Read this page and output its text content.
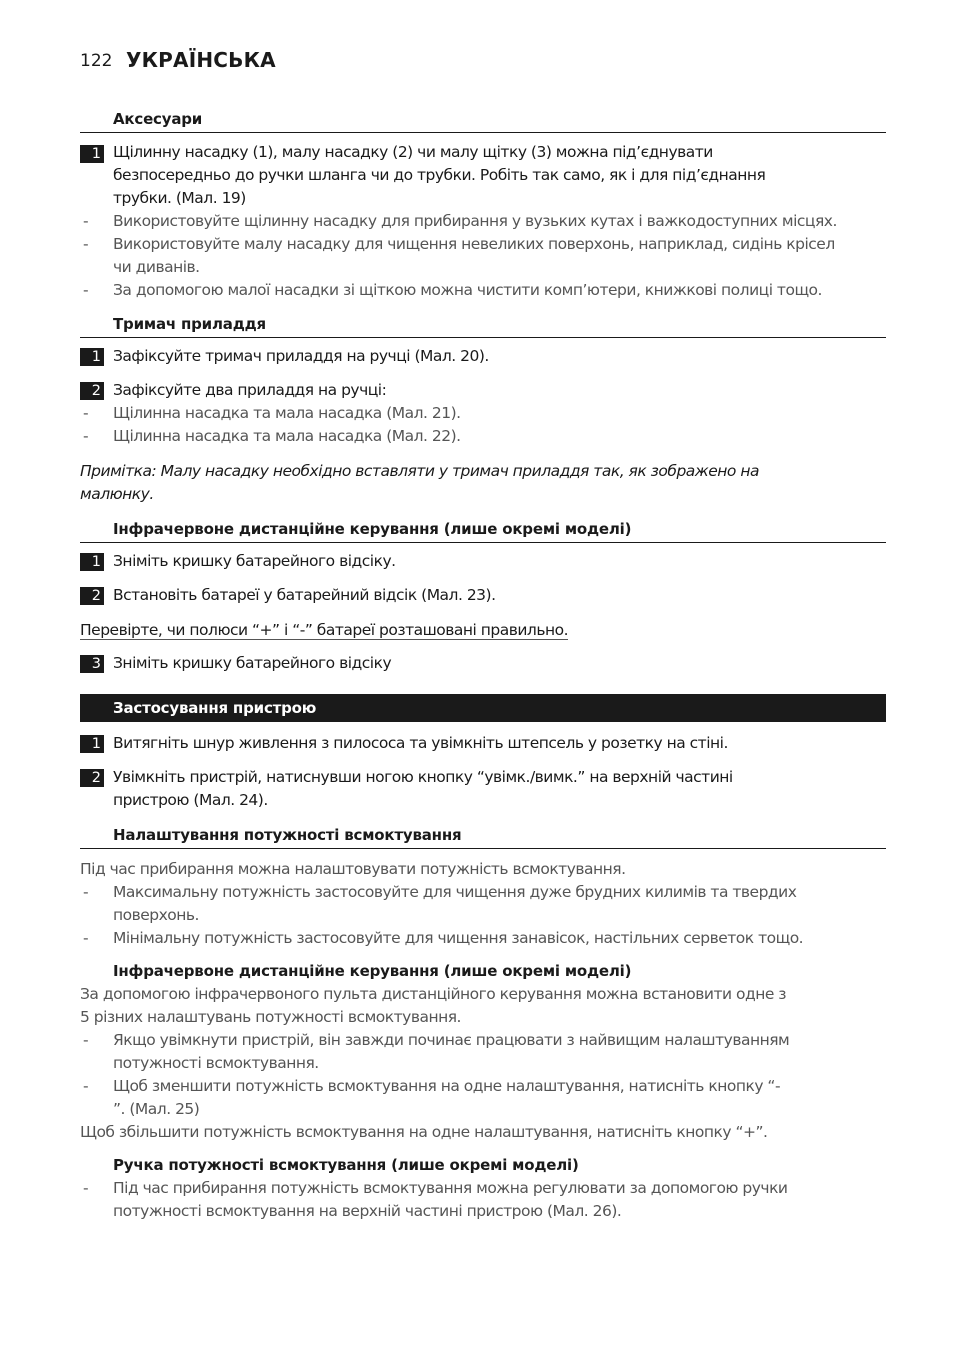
122 УКРАЇНСЬКА
Аксесуари
1 Щілинну насадку (1), малу насадку (2) чи малу щітку (3) можна під’єднувати
безпосередньо до ручки шланга чи до трубки. Робіть так само, як і для під’єднання
трубки. (Мал. 19)
- Використовуйте щілинну насадку для прибирання у вузьких кутах і важкодоступних місцях.
- Використовуйте малу насадку для чищення невеликих поверхонь, наприклад, сидінь крісел
чи диванів.
- За допомогою малої насадки зі щіткою можна чистити комп’ютери, книжкові полиці тощо.
Тримач приладдя
1 Зафіксуйте тримач приладдя на ручці (Мал. 20).
2 Зафіксуйте два приладдя на ручці:
- Щілинна насадка та мала насадка (Мал. 21).
- Щілинна насадка та мала насадка (Мал. 22).
Примітка: Малу насадку необхідно вставляти у тримач приладдя так, як зображено на
малюнку.
Інфрачервоне дистанційне керування (лише окремі моделі)
1 Зніміть кришку батарейного відсіку.
2 Встановіть батареї у батарейний відсік (Мал. 23).
Перевірте, чи полюси “+” і “-” батареї розташовані правильно.
3 Зніміть кришку батарейного відсіку
Застосування пристрою
1 Витягніть шнур живлення з пилососа та увімкніть штепсель у розетку на стіні.
2 Увімкніть пристрій, натиснувши ногою кнопку “увімк./вимк.” на верхній частині
пристрою (Мал. 24).
Налаштування потужності всмоктування
Під час прибирання можна налаштовувати потужність всмоктування.
- Максимальну потужність застосовуйте для чищення дуже брудних килимів та твердих
поверхонь.
- Мінімальну потужність застосовуйте для чищення занавісок, настільних серветок тощо.
Інфрачервоне дистанційне керування (лише окремі моделі)
За допомогою інфрачервоного пульта дистанційного керування можна встановити одне з
5 різних налаштувань потужності всмоктування.
- Якщо увімкнути пристрій, він завжди починає працювати з найвищим налаштуванням
потужності всмоктування.
- Щоб зменшити потужність всмоктування на одне налаштування, натисніть кнопку “-
”. (Мал. 25)
Щоб збільшити потужність всмоктування на одне налаштування, натисніть кнопку “+”.
Ручка потужності всмоктування (лише окремі моделі)
- Під час прибирання потужність всмоктування можна регулювати за допомогою ручки
потужності всмоктування на верхній частині пристрою (Мал. 26).
